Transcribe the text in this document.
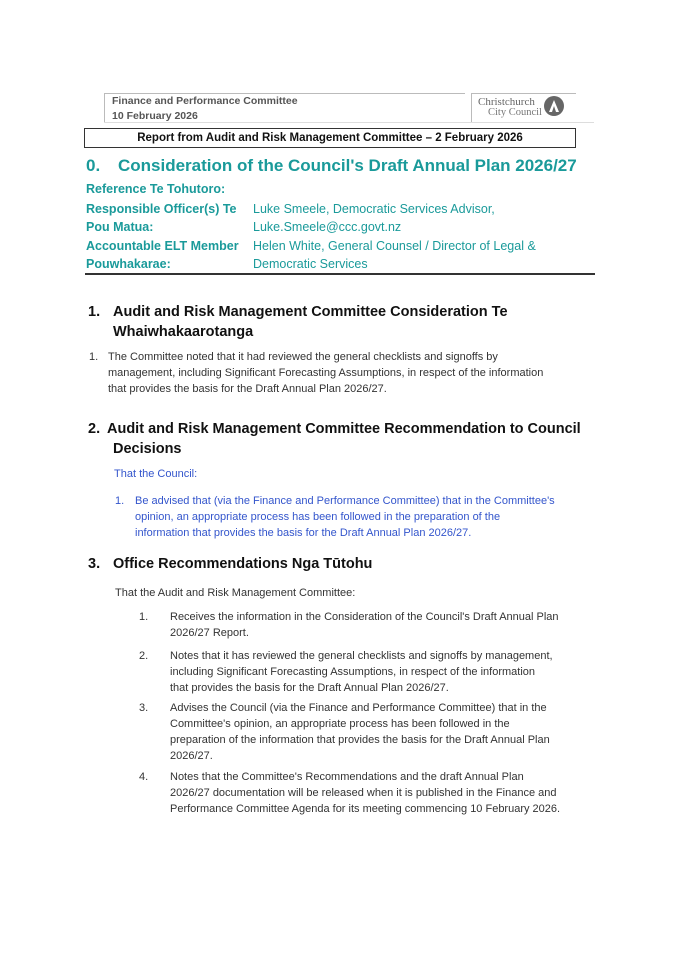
Finance and Performance Committee
10 February 2026
Christchurch
City Council
Report from Audit and Risk Management Committee – 2 February 2026
0. Consideration of the Council's Draft Annual Plan 2026/27
Reference Te Tohutoro:
Responsible Officer(s) Te
Pou Matua:
Luke Smeele, Democratic Services Advisor,
Luke.Smeele@ccc.govt.nz
Accountable ELT Member
Pouwhakarae:
Helen White, General Counsel / Director of Legal &
Democratic Services
1. Audit and Risk Management Committee Consideration Te
Whaiwhakaarotanga
1. The Committee noted that it had reviewed the general checklists and signoffs by
management, including Significant Forecasting Assumptions, in respect of the information
that provides the basis for the Draft Annual Plan 2026/27.
2. Audit and Risk Management Committee Recommendation to Council
Decisions
That the Council:
1. Be advised that (via the Finance and Performance Committee) that in the Committee's
opinion, an appropriate process has been followed in the preparation of the
information that provides the basis for the Draft Annual Plan 2026/27.
3. Office Recommendations Nga Tūtohu
That the Audit and Risk Management Committee:
1. Receives the information in the Consideration of the Council's Draft Annual Plan
2026/27 Report.
2. Notes that it has reviewed the general checklists and signoffs by management,
including Significant Forecasting Assumptions, in respect of the information
that provides the basis for the Draft Annual Plan 2026/27.
3. Advises the Council (via the Finance and Performance Committee) that in the
Committee's opinion, an appropriate process has been followed in the
preparation of the information that provides the basis for the Draft Annual Plan
2026/27.
4. Notes that the Committee's Recommendations and the draft Annual Plan
2026/27 documentation will be released when it is published in the Finance and
Performance Committee Agenda for its meeting commencing 10 February 2026.
